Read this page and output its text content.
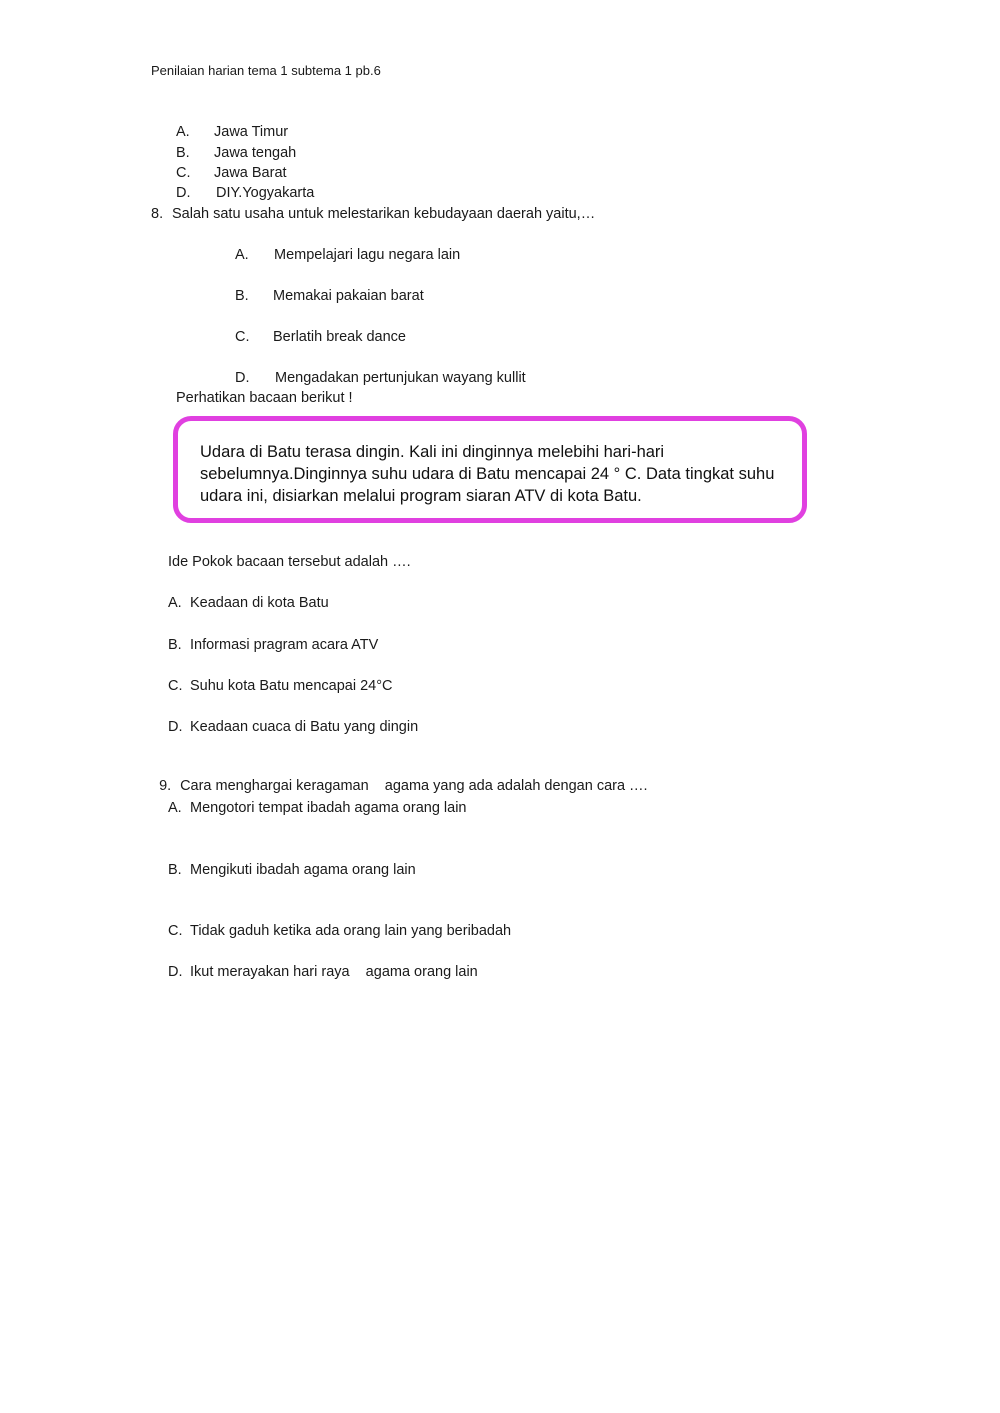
Penilaian harian tema 1 subtema 1 pb.6
A. Jawa Timur
B. Jawa tengah
C. Jawa Barat
D. DIY.Yogyakarta
8. Salah satu usaha untuk melestarikan kebudayaan daerah yaitu,…
A. Mempelajari lagu negara lain
B. Memakai pakaian barat
C. Berlatih break dance
D. Mengadakan pertunjukan wayang kullit
Perhatikan bacaan berikut !
Udara di Batu terasa dingin. Kali ini dinginnya melebihi hari-hari sebelumnya.Dinginnya suhu udara di Batu mencapai 24 ° C. Data tingkat suhu udara ini, disiarkan melalui program siaran ATV di kota Batu.
Ide Pokok bacaan tersebut adalah ….
A. Keadaan di kota Batu
B. Informasi pragram acara ATV
C. Suhu kota Batu mencapai 24°C
D. Keadaan cuaca di Batu yang dingin

9. Cara menghargai keragaman    agama yang ada adalah dengan cara ….

A. Mengotori tempat ibadah agama orang lain
B. Mengikuti ibadah agama orang lain
C. Tidak gaduh ketika ada orang lain yang beribadah
D. Ikut merayakan hari raya    agama orang lain
